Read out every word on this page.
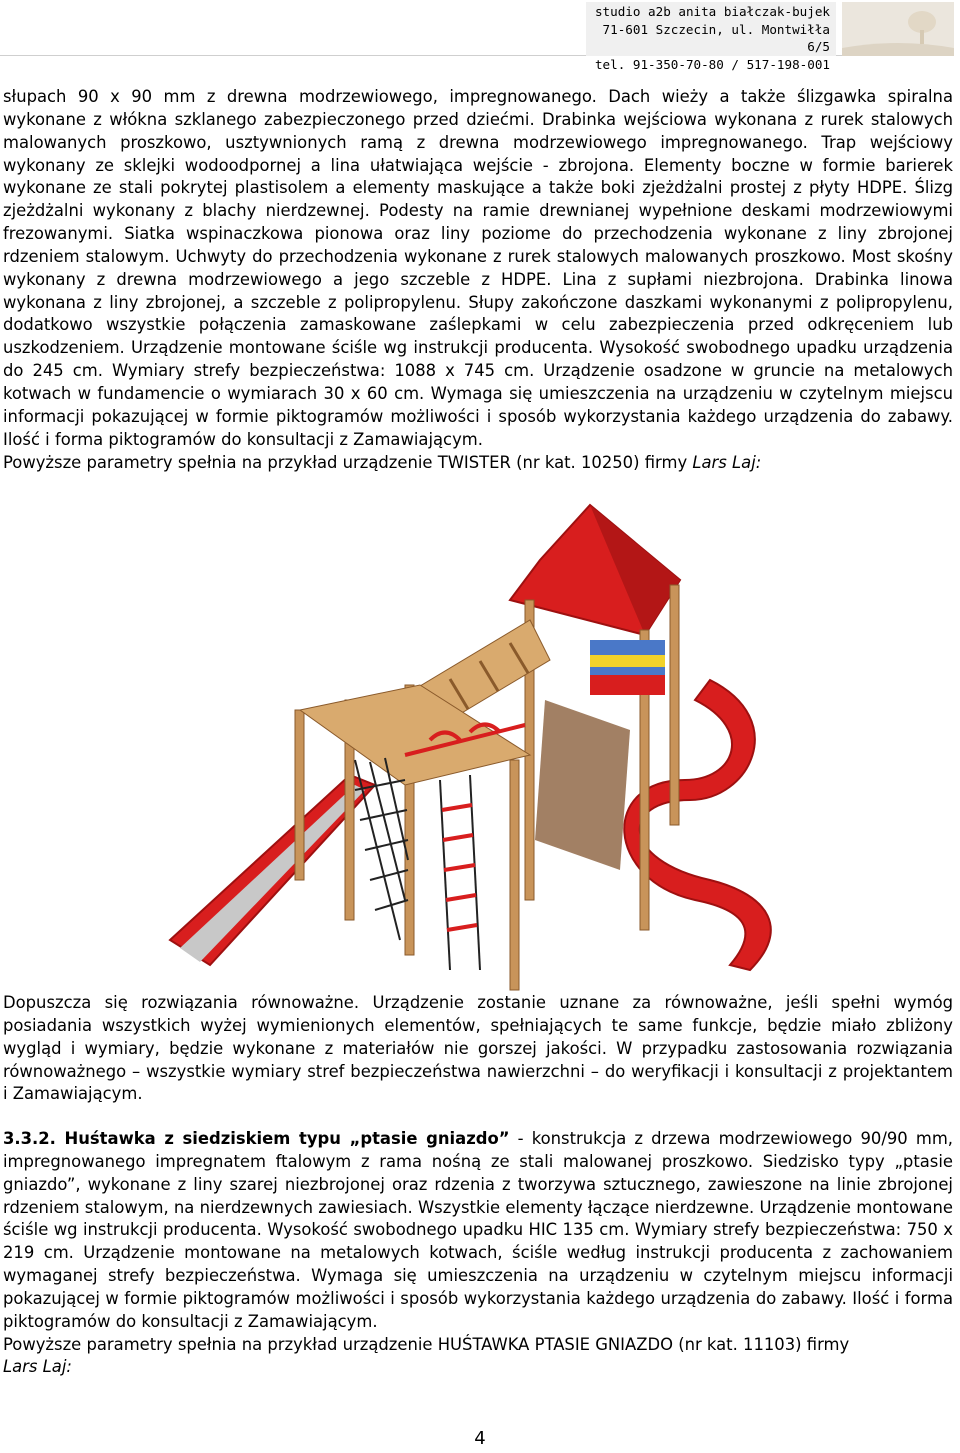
studio a2b anita białczak-bujek
71-601 Szczecin, ul. Montwiłła 6/5
tel. 91-350-70-80 / 517-198-001

słupach 90 x 90 mm z drewna modrzewiowego, impregnowanego. Dach wieży a także ślizgawka spiralna wykonane z włókna szklanego zabezpieczonego przed dziećmi. Drabinka wejściowa wykonana z rurek stalowych malowanych proszkowo, usztywnionych ramą z drewna modrzewiowego impregnowanego. Trap wejściowy wykonany ze sklejki wodoodpornej a lina ułatwiająca wejście - zbrojona. Elementy boczne w formie barierek wykonane ze stali pokrytej plastisolem a elementy maskujące a także boki zjeżdżalni prostej z płyty HDPE. Ślizg zjeżdżalni wykonany z blachy nierdzewnej. Podesty na ramie drewnianej wypełnione deskami modrzewiowymi frezowanymi. Siatka wspinaczkowa pionowa oraz liny poziome do przechodzenia wykonane z liny zbrojonej rdzeniem stalowym. Uchwyty do przechodzenia wykonane z rurek stalowych malowanych proszkowo. Most skośny wykonany z drewna modrzewiowego a jego szczeble z HDPE. Lina z supłami niezbrojona. Drabinka linowa wykonana z liny zbrojonej, a szczeble z polipropylenu. Słupy zakończone daszkami wykonanymi z polipropylenu, dodatkowo wszystkie połączenia zamaskowane zaślepkami w celu zabezpieczenia przed odkręceniem lub uszkodzeniem. Urządzenie montowane ściśle wg instrukcji producenta. Wysokość swobodnego upadku urządzenia do 245 cm. Wymiary strefy bezpieczeństwa: 1088 x 745 cm. Urządzenie osadzone w gruncie na metalowych kotwach w fundamencie o wymiarach 30 x 60 cm. Wymaga się umieszczenia na urządzeniu w czytelnym miejscu informacji pokazującej w formie piktogramów możliwości i sposób wykorzystania każdego urządzenia do zabawy. Ilość i forma piktogramów do konsultacji z Zamawiającym.

Powyższe parametry spełnia na przykład urządzenie TWISTER (nr kat. 10250) firmy Lars Laj:

Dopuszcza się rozwiązania równoważne. Urządzenie zostanie uznane za równoważne, jeśli spełni wymóg posiadania wszystkich wyżej wymienionych elementów, spełniających te same funkcje, będzie miało zbliżony wygląd i wymiary, będzie wykonane z materiałów nie gorszej jakości. W przypadku zastosowania rozwiązania równoważnego – wszystkie wymiary stref bezpieczeństwa nawierzchni – do weryfikacji i konsultacji z projektantem i Zamawiającym.

3.3.2. Huśtawka z siedziskiem typu „ptasie gniazdo” - konstrukcja z drzewa modrzewiowego 90/90 mm, impregnowanego impregnatem ftalowym z rama nośną ze stali malowanej proszkowo. Siedzisko typy „ptasie gniazdo”, wykonane z liny szarej niezbrojonej oraz rdzenia z tworzywa sztucznego, zawieszone na linie zbrojonej rdzeniem stalowym, na nierdzewnych zawiesiach. Wszystkie elementy łączące nierdzewne. Urządzenie montowane ściśle wg instrukcji producenta. Wysokość swobodnego upadku HIC 135 cm. Wymiary strefy bezpieczeństwa: 750 x 219 cm. Urządzenie montowane na metalowych kotwach, ściśle według instrukcji producenta z zachowaniem wymaganej strefy bezpieczeństwa. Wymaga się umieszczenia na urządzeniu w czytelnym miejscu informacji pokazującej w formie piktogramów możliwości i sposób wykorzystania każdego urządzenia do zabawy. Ilość i forma piktogramów do konsultacji z Zamawiającym.

Powyższe parametry spełnia na przykład urządzenie HUŚTAWKA PTASIE GNIAZDO (nr kat. 11103) firmy
Lars Laj:

4
